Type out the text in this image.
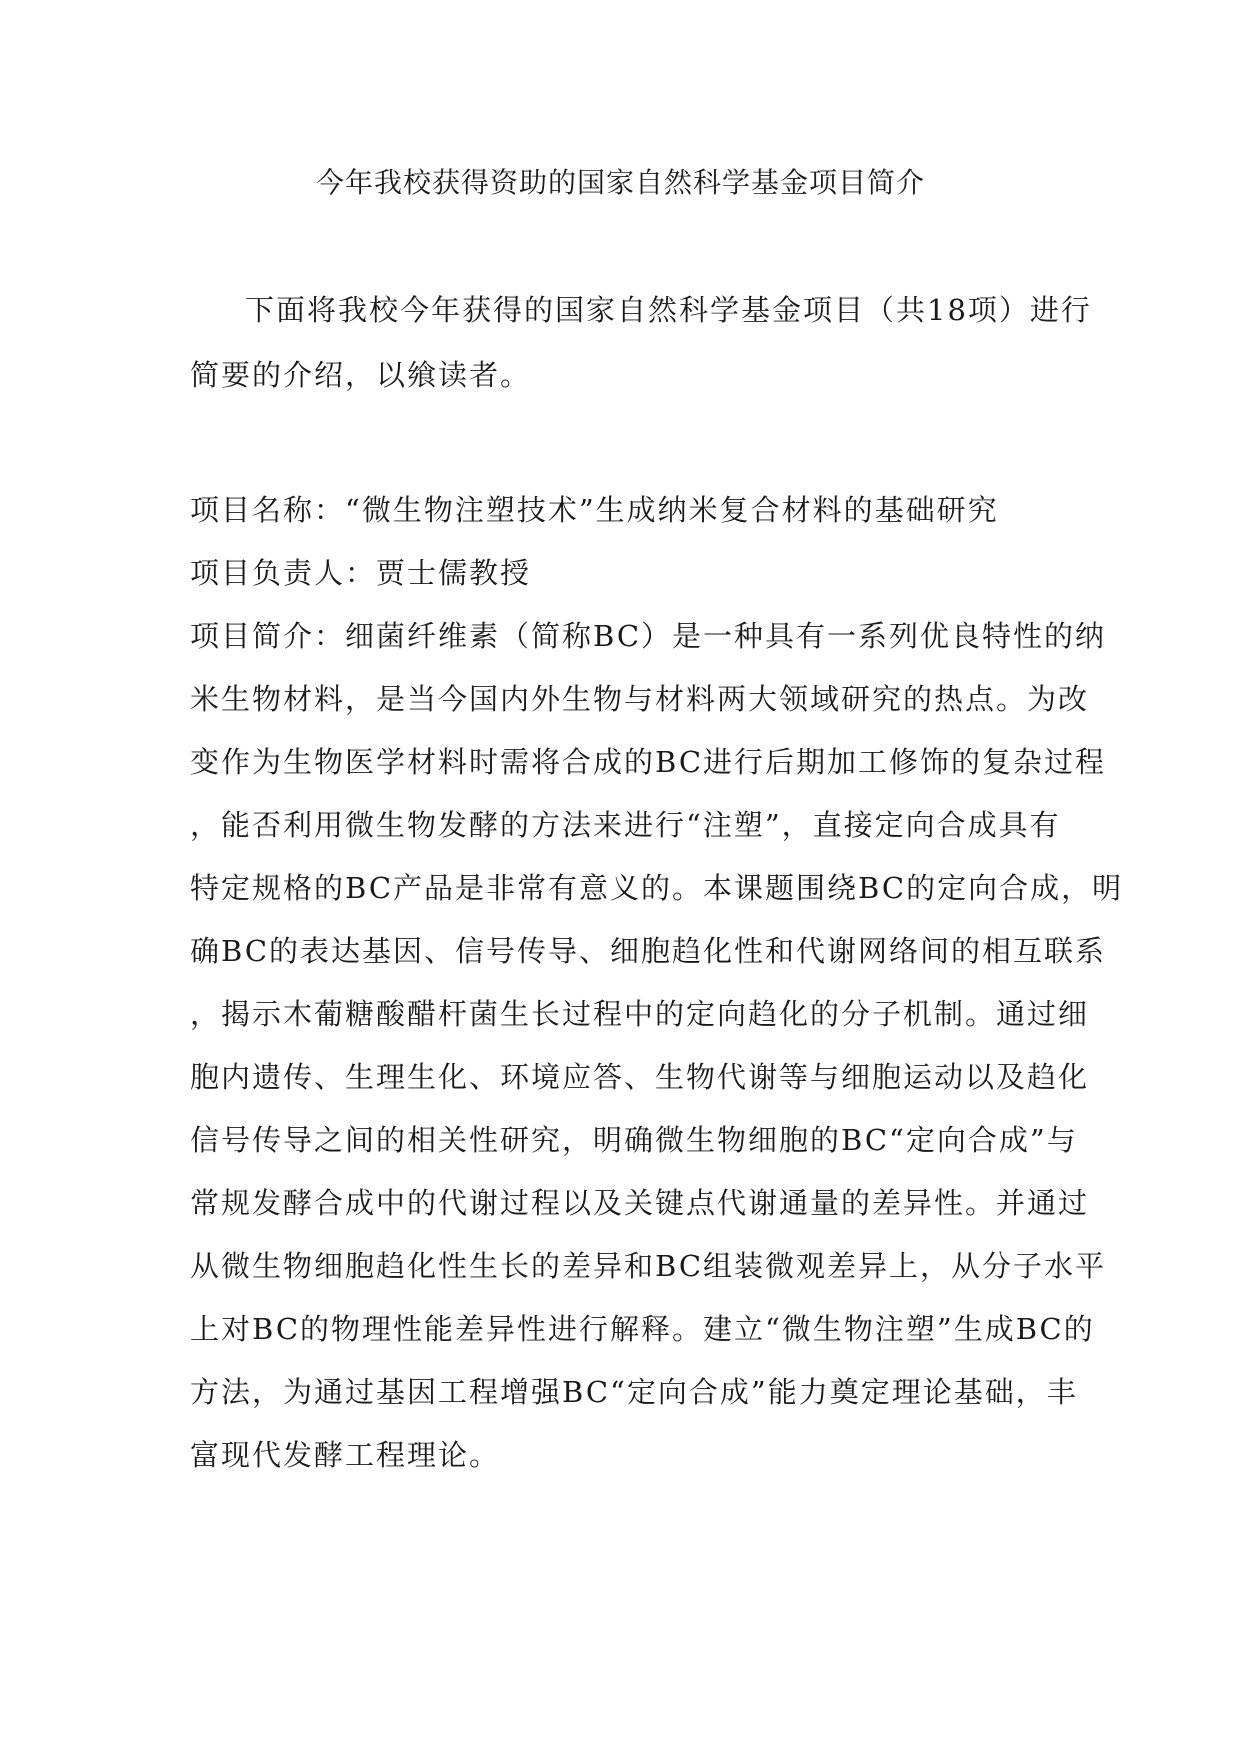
今年我校获得资助的国家自然科学基金项目简介
下面将我校今年获得的国家自然科学基金项目（共18项）进行
简要的介绍，以飨读者。
项目名称：“微生物注塑技术”生成纳米复合材料的基础研究
项目负责人：贾士儒教授
项目简介：细菌纤维素（简称BC）是一种具有一系列优良特性的纳
米生物材料，是当今国内外生物与材料两大领域研究的热点。为改
变作为生物医学材料时需将合成的BC进行后期加工修饰的复杂过程
，能否利用微生物发酵的方法来进行“注塑”，直接定向合成具有
特定规格的BC产品是非常有意义的。本课题围绕BC的定向合成，明
确BC的表达基因、信号传导、细胞趋化性和代谢网络间的相互联系
，揭示木葡糖酸醋杆菌生长过程中的定向趋化的分子机制。通过细
胞内遗传、生理生化、环境应答、生物代谢等与细胞运动以及趋化
信号传导之间的相关性研究，明确微生物细胞的BC“定向合成”与
常规发酵合成中的代谢过程以及关键点代谢通量的差异性。并通过
从微生物细胞趋化性生长的差异和BC组装微观差异上，从分子水平
上对BC的物理性能差异性进行解释。建立“微生物注塑”生成BC的
方法，为通过基因工程增强BC“定向合成”能力奠定理论基础，丰
富现代发酵工程理论。
